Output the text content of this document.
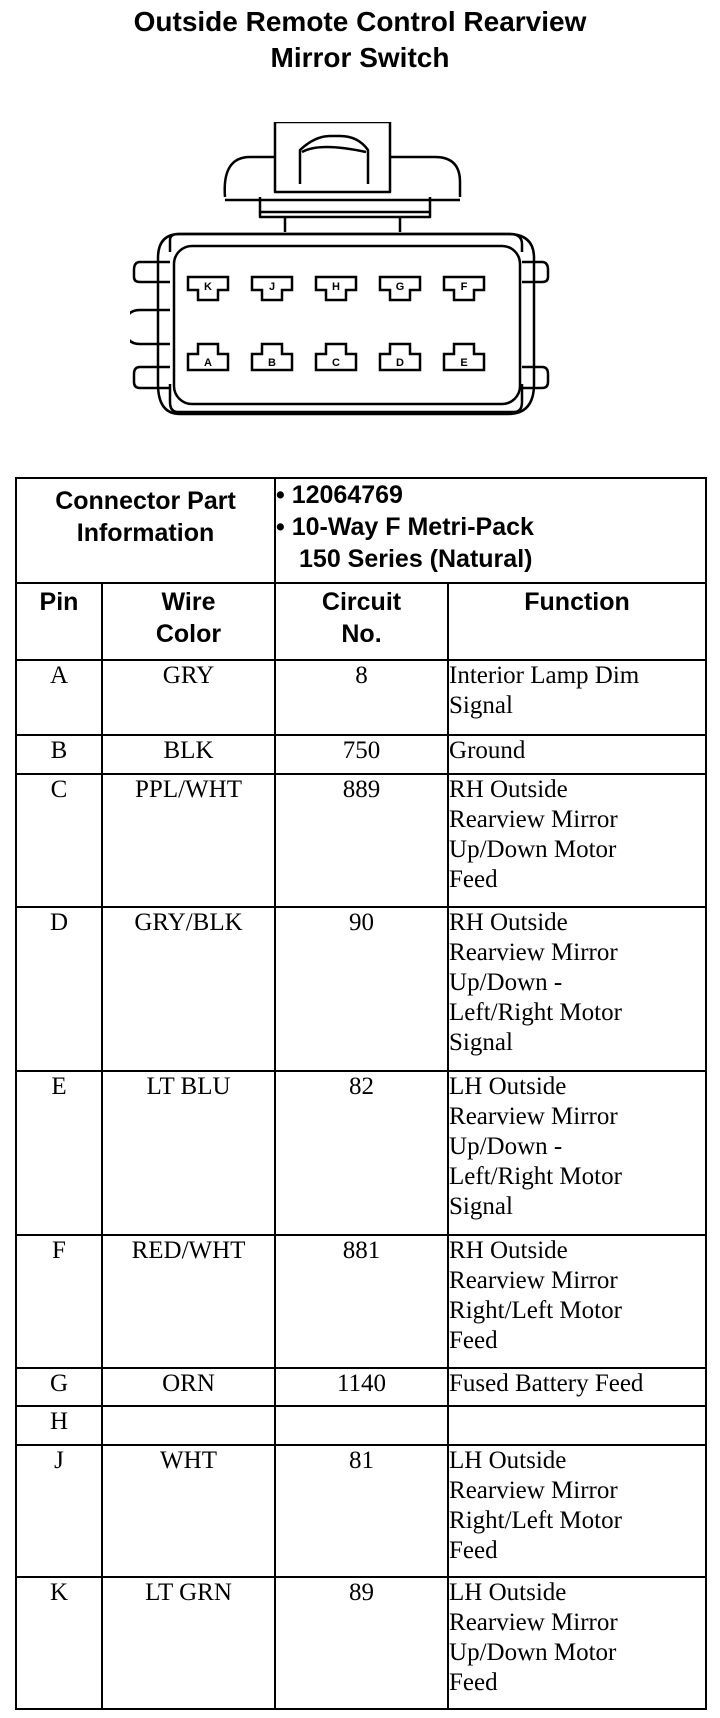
Outside Remote Control Rearview
Mirror Switch
K	J	H	G	F
A	B	C	D	E
Connector Part Information		• 12064769
• 10-Way F Metri-Pack
150 Series (Natural)	

Pin	Wire Color	Circuit No.	Function
A	GRY	8	Interior Lamp Dim
Signal

B	BLK	750	Ground

C	PPL/WHT	889	RH Outside
Rearview Mirror
Up/Down Motor
Feed

D	GRY/BLK	90	RH Outside
Rearview Mirror
Up/Down -
Left/Right Motor
Signal

E	LT BLU	82	LH Outside
Rearview Mirror
Up/Down -
Left/Right Motor
Signal

F	RED/WHT	881	RH Outside
Rearview Mirror
Right/Left Motor
Feed

G	ORN	1140	Fused Battery Feed

H			
J	WHT	81	LH Outside
Rearview Mirror
Right/Left Motor
Feed

K	LT GRN	89	LH Outside
Rearview Mirror
Up/Down Motor
Feed
